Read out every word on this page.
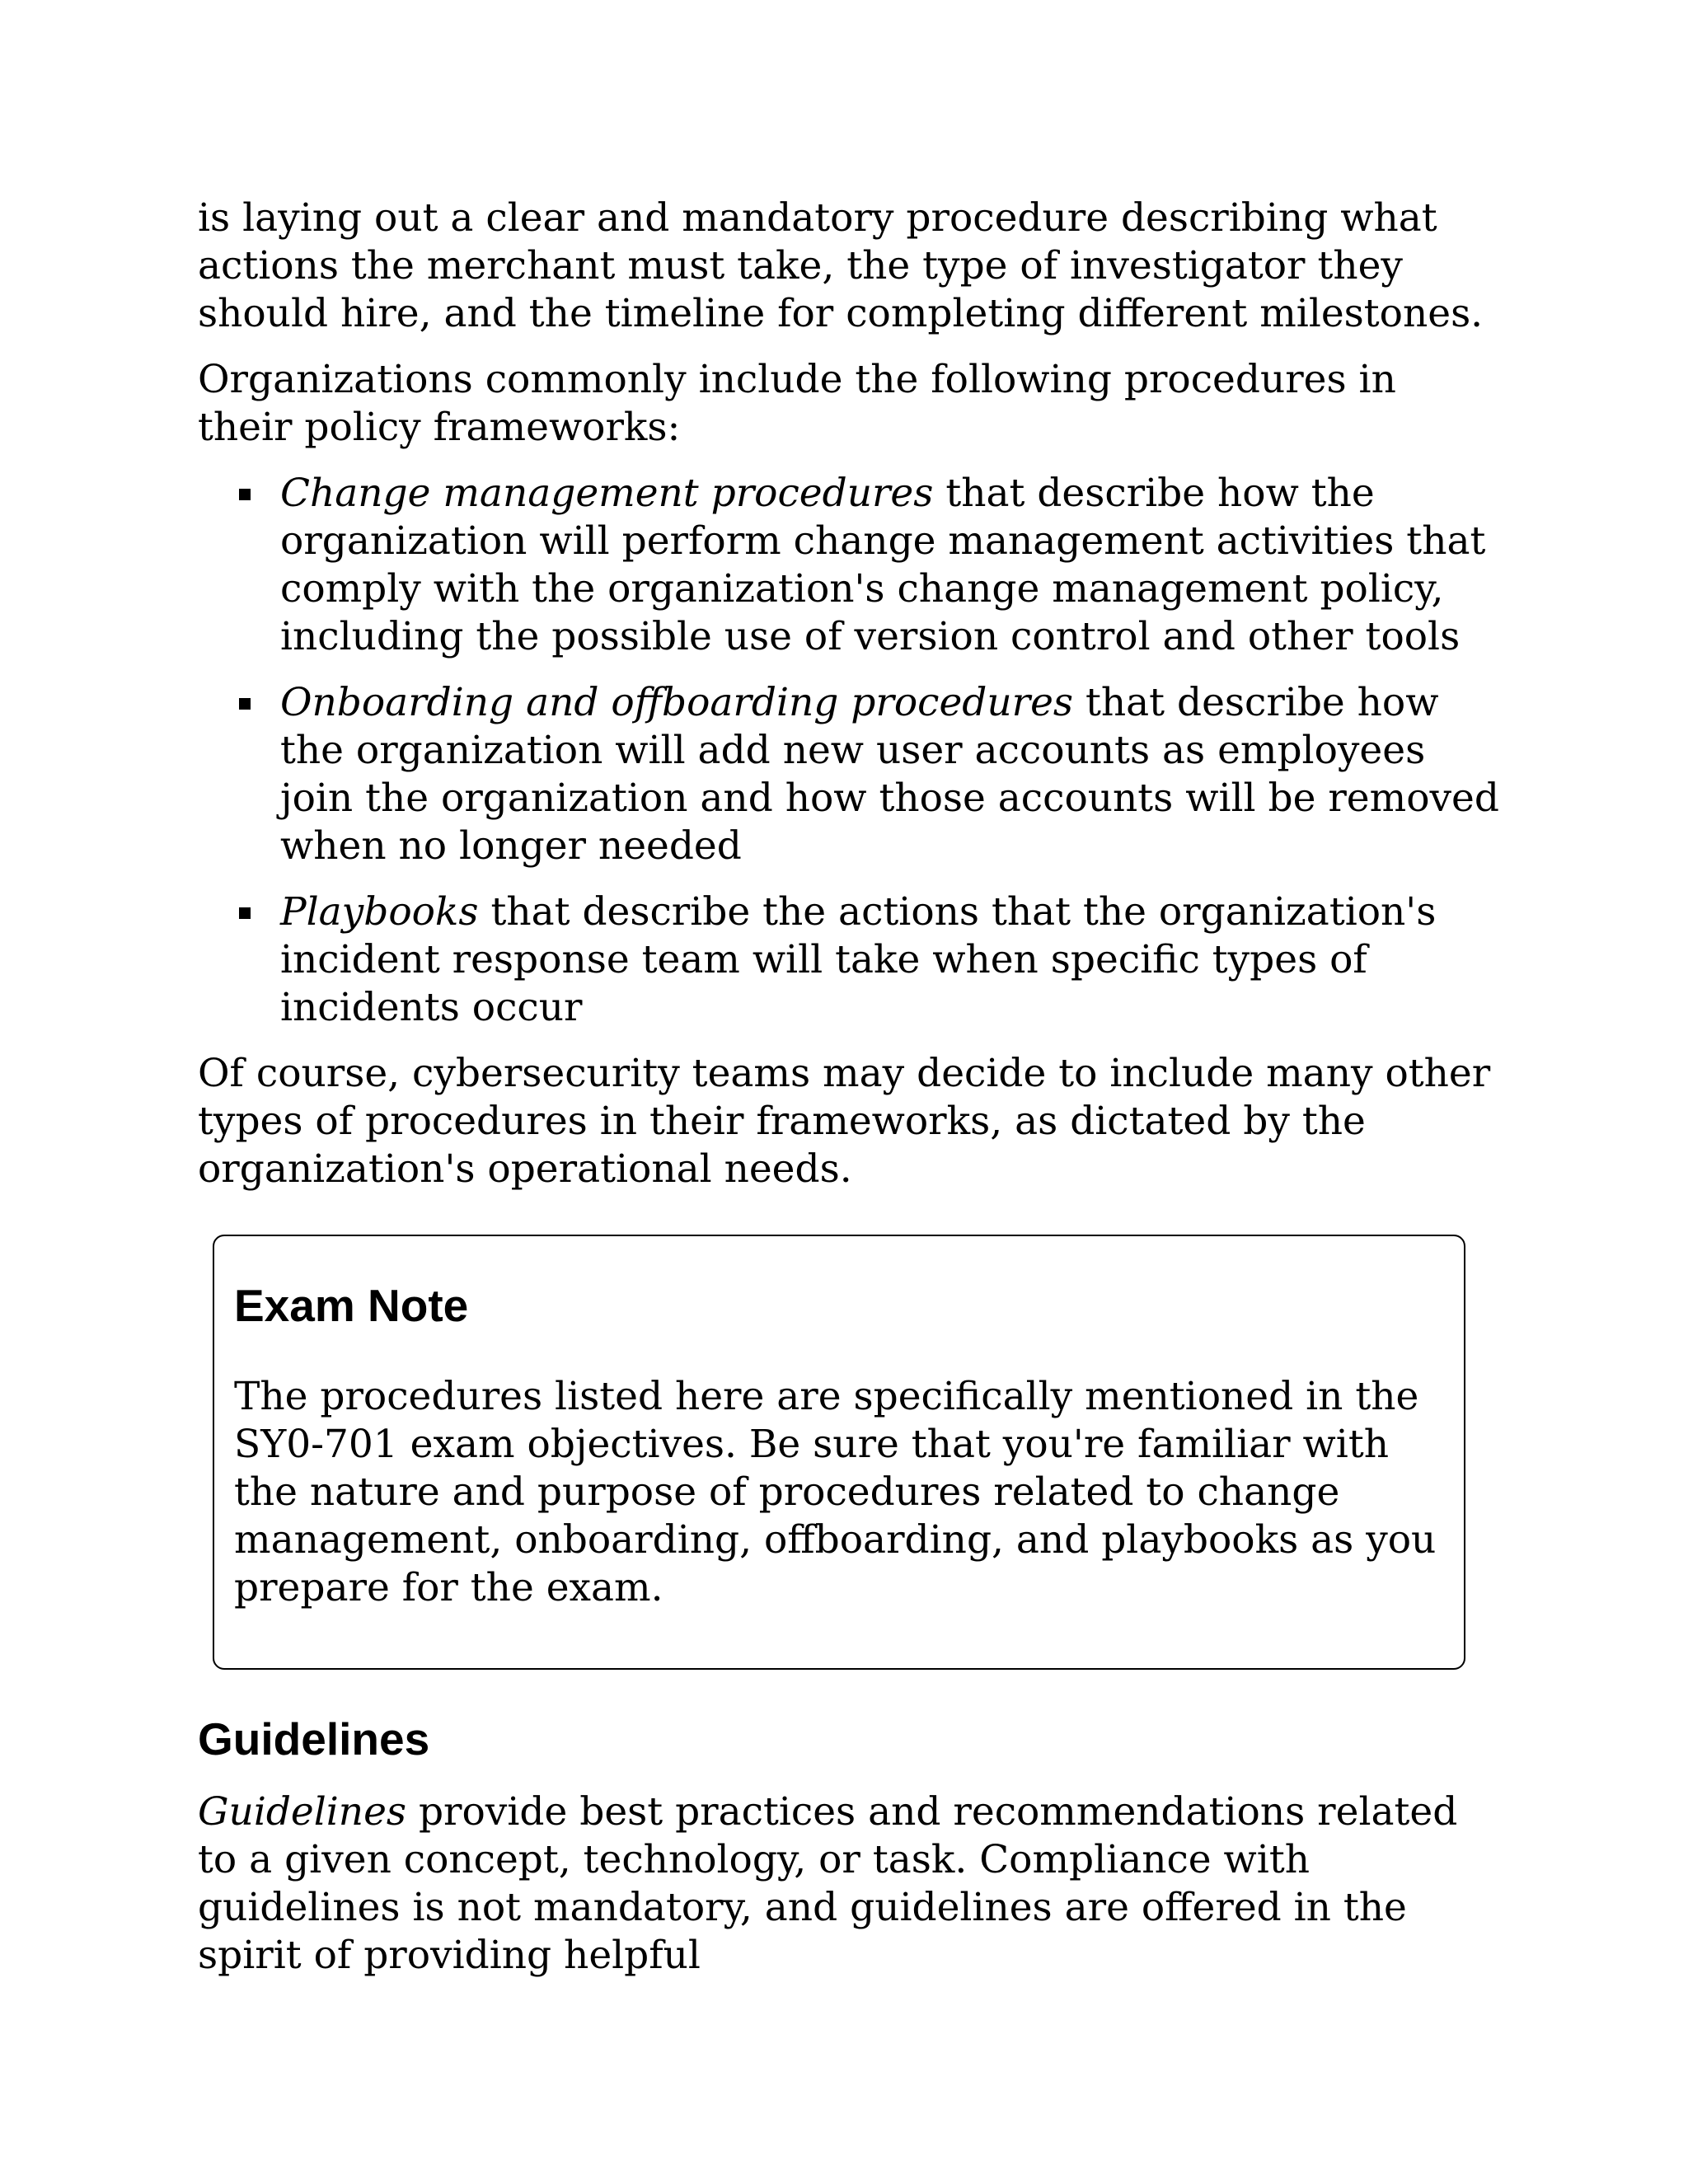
is laying out a clear and mandatory procedure describing what actions the merchant must take, the type of investigator they should hire, and the timeline for completing different milestones.

Organizations commonly include the following procedures in their policy frameworks:

Change management procedures that describe how the organization will perform change management activities that comply with the organization's change management policy, including the possible use of version control and other tools
Onboarding and offboarding procedures that describe how the organization will add new user accounts as employees join the organization and how those accounts will be removed when no longer needed
Playbooks that describe the actions that the organization's incident response team will take when specific types of incidents occur

Of course, cybersecurity teams may decide to include many other types of procedures in their frameworks, as dictated by the organization's operational needs.

Exam Note

The procedures listed here are specifically mentioned in the SY0-701 exam objectives. Be sure that you're familiar with the nature and purpose of procedures related to change management, onboarding, offboarding, and playbooks as you prepare for the exam.

Guidelines

Guidelines provide best practices and recommendations related to a given concept, technology, or task. Compliance with guidelines is not mandatory, and guidelines are offered in the spirit of providing helpful
